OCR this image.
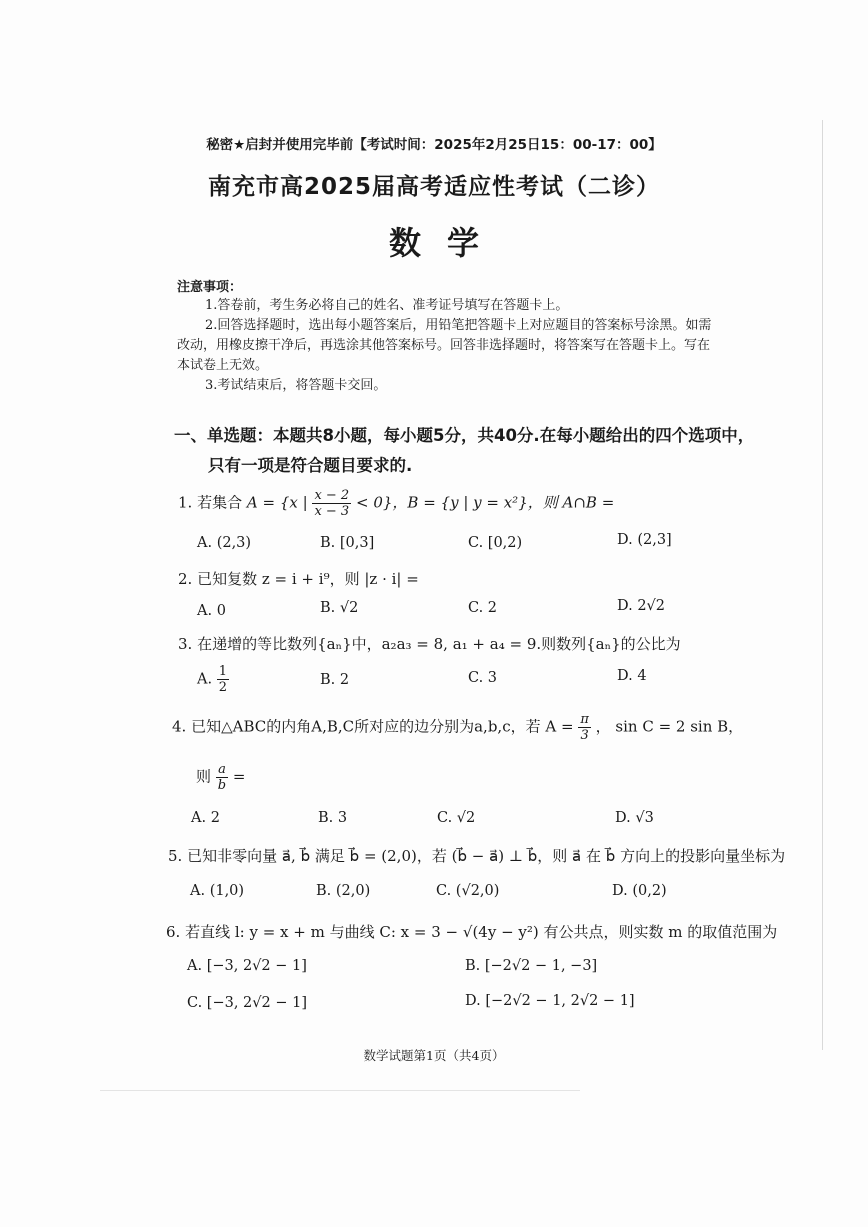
秘密★启封并使用完毕前【考试时间：2025年2月25日15：00-17：00】
南充市高2025届高考适应性考试（二诊）
数学
注意事项：
1.答卷前，考生务必将自己的姓名、准考证号填写在答题卡上。
2.回答选择题时，选出每小题答案后，用铅笔把答题卡上对应题目的答案标号涂黑。如需
改动，用橡皮擦干净后，再选涂其他答案标号。回答非选择题时，将答案写在答题卡上。写在
本试卷上无效。
3.考试结束后，将答题卡交回。
一、单选题：本题共8小题，每小题5分，共40分.在每小题给出的四个选项中，
只有一项是符合题目要求的.
1. 若集合 A = {x | $\frac{x - 2}{x - 3} < 0$}，B = {y | y = x²}，则 A∩B =
A. (2,3)	B. [0,3]	C. [0,2)	D. (2,3]
2. 已知复数 z = i + i⁹，则 |z · i| =
A. 0	B. √2	C. 2	D. 2√2
3. 在递增的等比数列{aₙ}中，a₂a₃ = 8, a₁ + a₄ = 9.则数列{aₙ}的公比为
A. $\frac{1}{2}$	B. 2	C. 3	D. 4
4. 已知△ABC的内角A,B,C所对应的边分别为a,b,c，若 $A = \frac{\pi}{3}$ ， sin C = 2 sin B，
则 $\frac{a}{b}$ =
A. 2	B. 3	C. √2	D. √3
5. 已知非零向量 a⃗, b⃗ 满足 b⃗ = (2,0)，若 (b⃗ − a⃗) ⊥ b⃗，则 a⃗ 在 b⃗ 方向上的投影向量坐标为
A. (1,0)	B. (2,0)	C. (√2,0)	D. (0,2)
6. 若直线 l: y = x + m 与曲线 C: x = 3 − √(4y − y²) 有公共点，则实数 m 的取值范围为
A. [−3, 2√2 − 1]	B. [−2√2 − 1, −3]
C. [−3, 2√2 − 1]	D. [−2√2 − 1, 2√2 − 1]
数学试题第1页（共4页）
